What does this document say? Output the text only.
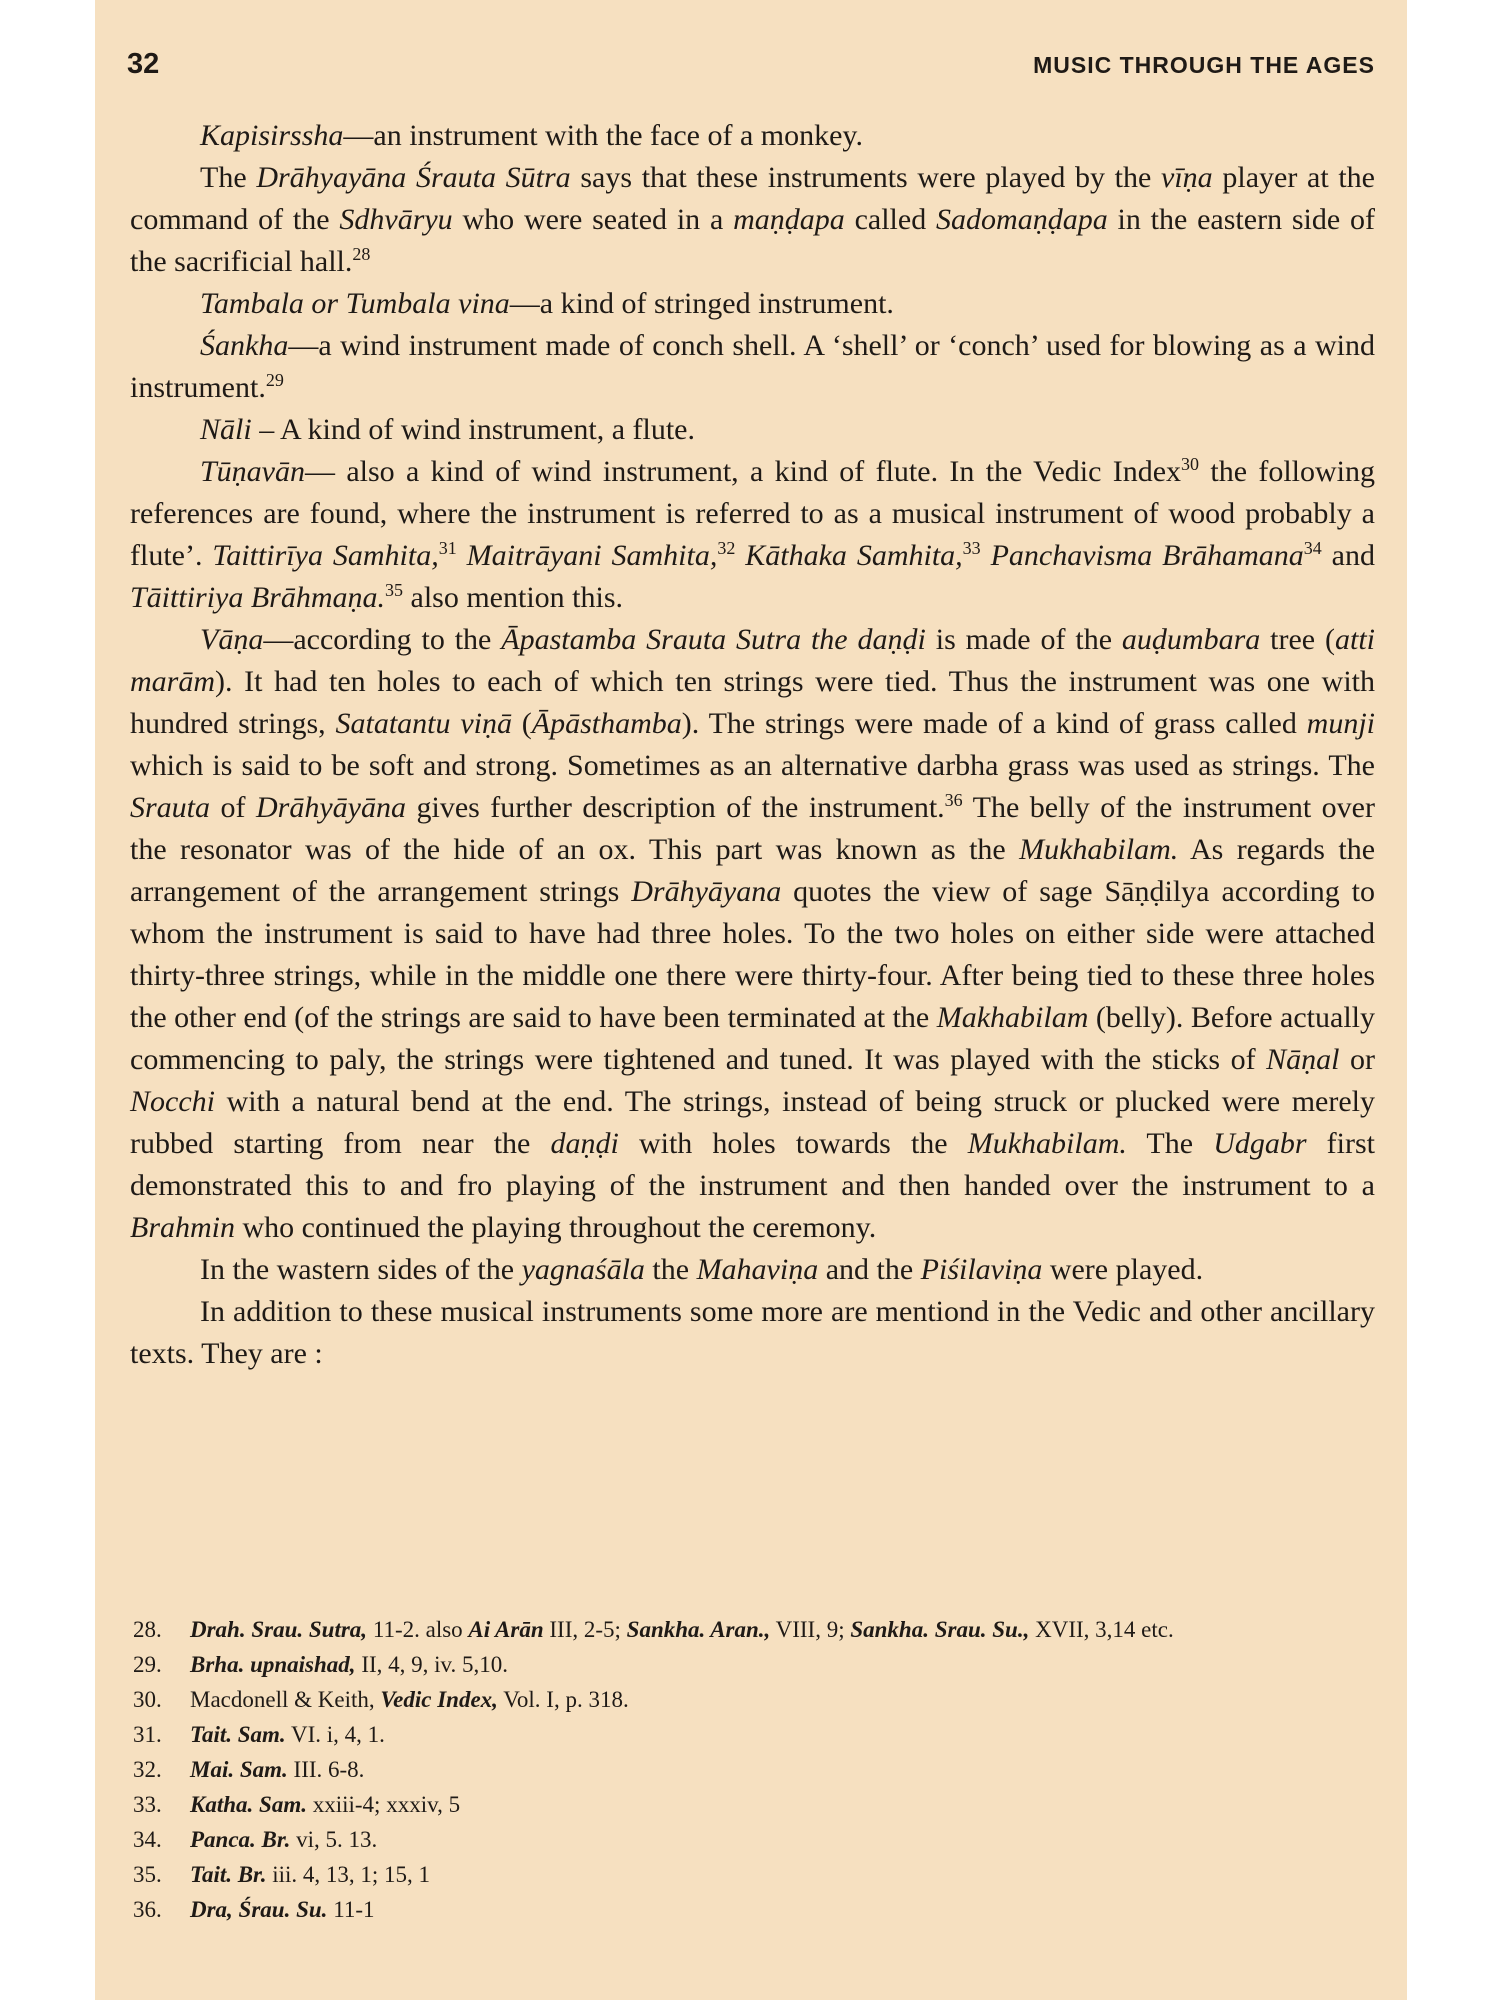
32	MUSIC THROUGH THE AGES

Kapisirssha—an instrument with the face of a monkey.

The Drāhyayāna Śrauta Sūtra says that these instruments were played by the vīṇa player at the command of the Sdhvāryu who were seated in a maṇḍapa called Sadomaṇḍapa in the eastern side of the sacrificial hall.$^{28}$

Tambala or Tumbala vina—a kind of stringed instrument.

Śankha—a wind instrument made of conch shell. A ‘shell’ or ‘conch’ used for blowing as a wind instrument.$^{29}$

Nāli – A kind of wind instrument, a flute.

Tūṇavān— also a kind of wind instrument, a kind of flute. In the Vedic Index$^{30}$ the following references are found, where the instrument is referred to as a musical instrument of wood probably a flute’. Taittirīya Samhita,$^{31}$ Maitrāyani Samhita,$^{32}$ Kāthaka Samhita,$^{33}$ Panchavisma Brāhamana$^{34}$ and Tāittiriya Brāhmaṇa.$^{35}$ also mention this.

Vāṇa—according to the Āpastamba Srauta Sutra the daṇḍi is made of the auḍumbara tree (atti marām). It had ten holes to each of which ten strings were tied. Thus the instrument was one with hundred strings, Satatantu viṇā (Āpāsthamba). The strings were made of a kind of grass called munji which is said to be soft and strong. Sometimes as an alternative darbha grass was used as strings. The Srauta of Drāhyāyāna gives further description of the instrument.$^{36}$ The belly of the instrument over the resonator was of the hide of an ox. This part was known as the Mukhabilam. As regards the arrangement of the arrangement strings Drāhyāyana quotes the view of sage Sāṇḍilya according to whom the instrument is said to have had three holes. To the two holes on either side were attached thirty-three strings, while in the middle one there were thirty-four. After being tied to these three holes the other end (of the strings are said to have been terminated at the Makhabilam (belly). Before actually commencing to paly, the strings were tightened and tuned. It was played with the sticks of Nāṇal or Nocchi with a natural bend at the end. The strings, instead of being struck or plucked were merely rubbed starting from near the daṇḍi with holes towards the Mukhabilam. The Udgabr first demonstrated this to and fro playing of the instrument and then handed over the instrument to a Brahmin who continued the playing throughout the ceremony.

In the wastern sides of the yagnaśāla the Mahaviṇa and the Piśilaviṇa were played.

In addition to these musical instruments some more are mentiond in the Vedic and other ancillary texts. They are :

28.	Drah. Srau. Sutra, 11-2. also Ai Arān III, 2-5; Sankha. Aran., VIII, 9; Sankha. Srau. Su., XVII, 3,14 etc.
29.	Brha. upnaishad, II, 4, 9, iv. 5,10.
30.	Macdonell & Keith, Vedic Index, Vol. I, p. 318.
31.	Tait. Sam. VI. i, 4, 1.
32.	Mai. Sam. III. 6-8.
33.	Katha. Sam. xxiii-4; xxxiv, 5
34.	Panca. Br. vi, 5. 13.
35.	Tait. Br. iii. 4, 13, 1; 15, 1
36.	Dra, Śrau. Su. 11-1
